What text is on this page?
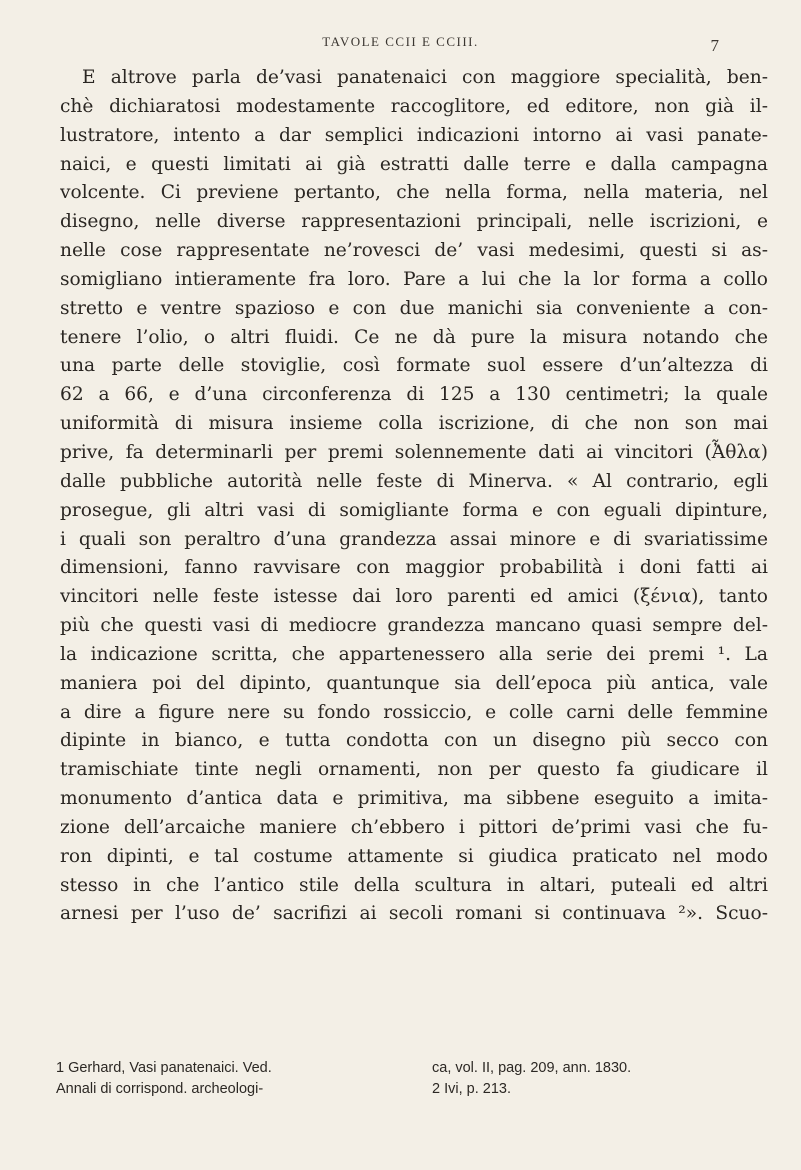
TAVOLE CCII E CCIII.	7
E altrove parla de’vasi panatenaici con maggiore specialità, ben-
chè dichiaratosi modestamente raccoglitore, ed editore, non già il-
lustratore, intento a dar semplici indicazioni intorno ai vasi panate-
naici, e questi limitati ai già estratti dalle terre e dalla campagna
volcente. Ci previene pertanto, che nella forma, nella materia, nel
disegno, nelle diverse rappresentazioni principali, nelle iscrizioni, e
nelle cose rappresentate ne’rovesci de’ vasi medesimi, questi si as-
somigliano intieramente fra loro. Pare a lui che la lor forma a collo
stretto e ventre spazioso e con due manichi sia conveniente a con-
tenere l’olio, o altri fluidi. Ce ne dà pure la misura notando che
una parte delle stoviglie, così formate suol essere d’un’altezza di
62 a 66, e d’una circonferenza di 125 a 130 centimetri; la quale
uniformità di misura insieme colla iscrizione, di che non son mai
prive, fa determinarli per premi solennemente dati ai vincitori (Ἆθλα)
dalle pubbliche autorità nelle feste di Minerva. « Al contrario, egli
prosegue, gli altri vasi di somigliante forma e con eguali dipinture,
i quali son peraltro d’una grandezza assai minore e di svariatissime
dimensioni, fanno ravvisare con maggior probabilità i doni fatti ai
vincitori nelle feste istesse dai loro parenti ed amici (ξένια), tanto
più che questi vasi di mediocre grandezza mancano quasi sempre del-
la indicazione scritta, che appartenessero alla serie dei premi ¹. La
maniera poi del dipinto, quantunque sia dell’epoca più antica, vale
a dire a figure nere su fondo rossiccio, e colle carni delle femmine
dipinte in bianco, e tutta condotta con un disegno più secco con
tramischiate tinte negli ornamenti, non per questo fa giudicare il
monumento d’antica data e primitiva, ma sibbene eseguito a imita-
zione dell’arcaiche maniere ch’ebbero i pittori de’primi vasi che fu-
ron dipinti, e tal costume attamente si giudica praticato nel modo
stesso in che l’antico stile della scultura in altari, puteali ed altri
arnesi per l’uso de’ sacrifizi ai secoli romani si continuava ²». Scuo-
1 Gerhard, Vasi panatenaici. Ved.
Annali di corrispond. archeologi-
ca, vol. II, pag. 209, ann. 1830.
2 Ivi, p. 213.
